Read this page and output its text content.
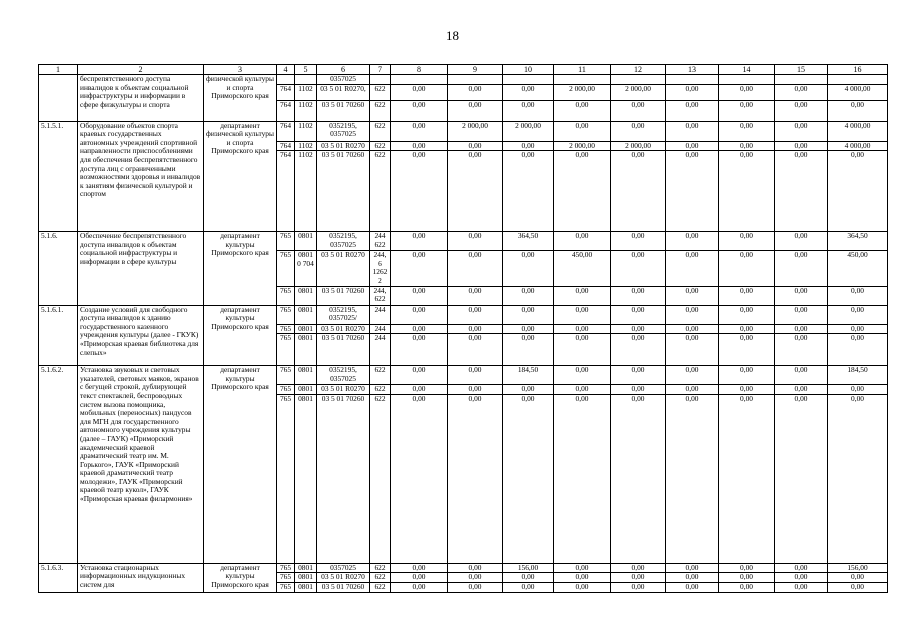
18
1	2	3	4	5	6	7	8	9	10	11	12	13	14	15	16
	беспрепятственного доступа инвалидов к объектам социальной инфраструктуры и информации в сфере физкультуры и спорта	физической культуры и спорта Приморского края			0357025										
			764	1102	03 5 01 R0270,	622	0,00	0,00	0,00	2 000,00	2 000,00	0,00	0,00	0,00	4 000,00
			764	1102	03 5 01 70260	622	0,00	0,00	0,00	0,00	0,00	0,00	0,00	0,00	0,00
5.1.5.1.	Оборудование объектов спорта краевых государственных автономных учреждений спортивной направленности приспособлениями для обеспечения беспрепятственного доступа лиц с ограниченными возможностями здоровья и инвалидов к занятиям физической культурой и спортом	департамент физической культуры и спорта Приморского края	764	1102	0352195, 0357025	622	0,00	2 000,00	2 000,00	0,00	0,00	0,00	0,00	0,00	4 000,00
			764	1102	03 5 01 R0270	622	0,00	0,00	0,00	2 000,00	2 000,00	0,00	0,00	0,00	4 000,00
			764	1102	03 5 01 70260	622	0,00	0,00	0,00	0,00	0,00	0,00	0,00	0,00	0,00
5.1.6.	Обеспечение беспрепятственного доступа инвалидов к объектам социальной инфраструктуры и информации в сфере культуры	департамент культуры Приморского края	765	0801	0352195, 0357025	244 622	0,00	0,00	364,50	0,00	0,00	0,00	0,00	0,00	364,50
			765	08010 704	03 5 01 R0270	244,6 12622	0,00	0,00	0,00	450,00	0,00	0,00	0,00	0,00	450,00
			765	0801	03 5 01 70260	244, 622	0,00	0,00	0,00	0,00	0,00	0,00	0,00	0,00	0,00
5.1.6.1.	Создание условий для свободного доступа инвалидов к зданию государственного казенного учреждения культуры (далее - ГКУК) «Приморская краевая библиотека для слепых»	департамент культуры Приморского края	765	0801	0352195, 0357025/	244	0,00	0,00	0,00	0,00	0,00	0,00	0,00	0,00	0,00
			765	0801	03 5 01 R0270	244	0,00	0,00	0,00	0,00	0,00	0,00	0,00	0,00	0,00
			765	0801	03 5 01 70260	244	0,00	0,00	0,00	0,00	0,00	0,00	0,00	0,00	0,00
5.1.6.2.	Установка звуковых и световых указателей, световых маяков, экранов с бегущей строкой, дублирующей текст спектаклей, беспроводных систем вызова помощника, мобильных (переносных) пандусов для МГН для государственного автономного учреждения культуры (далее – ГАУК) «Приморский академический краевой драматический театр им. М. Горького», ГАУК «Приморский краевой драматический театр молодежи», ГАУК «Приморский краевой театр кукол», ГАУК «Приморская краевая филармония»	департамент культуры Приморского края	765	0801	0352195, 0357025	622	0,00	0,00	184,50	0,00	0,00	0,00	0,00	0,00	184,50
			765	0801	03 5 01 R0270	622	0,00	0,00	0,00	0,00	0,00	0,00	0,00	0,00	0,00
			765	0801	03 5 01 70260	622	0,00	0,00	0,00	0,00	0,00	0,00	0,00	0,00	0,00
5.1.6.3.	Установка стационарных информационных индукционных систем для	департамент культуры Приморского края	765	0801	0357025	622	0,00	0,00	156,00	0,00	0,00	0,00	0,00	0,00	156,00
			765	0801	03 5 01 R0270	622	0,00	0,00	0,00	0,00	0,00	0,00	0,00	0,00	0,00
			765	0801	03 5 01 70260	622	0,00	0,00	0,00	0,00	0,00	0,00	0,00	0,00	0,00
